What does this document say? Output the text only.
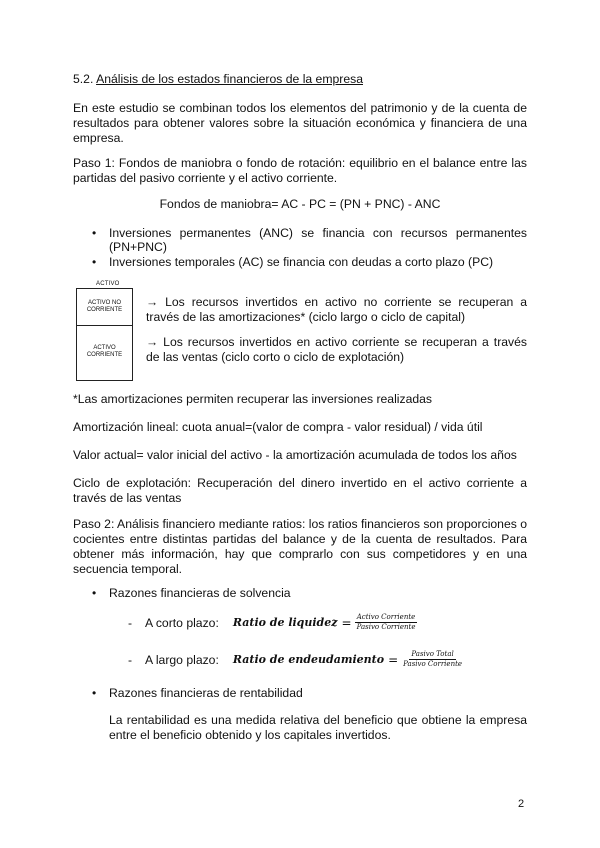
5.2. Análisis de los estados financieros de la empresa
En este estudio se combinan todos los elementos del patrimonio y de la cuenta de resultados para obtener valores sobre la situación económica y financiera de una empresa.
Paso 1: Fondos de maniobra o fondo de rotación: equilibrio en el balance entre las partidas del pasivo corriente y el activo corriente.
Fondos de maniobra= AC - PC = (PN + PNC) - ANC
• Inversiones permanentes (ANC) se financia con recursos permanentes (PN+PNC)
• Inversiones temporales (AC) se financia con deudas a corto plazo (PC)
ACTIVO
ACTIVO NO CORRIENTE
ACTIVO CORRIENTE
→ Los recursos invertidos en activo no corriente se recuperan a través de las amortizaciones* (ciclo largo o ciclo de capital)
→ Los recursos invertidos en activo corriente se recuperan a través de las ventas (ciclo corto o ciclo de explotación)
*Las amortizaciones permiten recuperar las inversiones realizadas
Amortización lineal: cuota anual=(valor de compra - valor residual) / vida útil
Valor actual= valor inicial del activo - la amortización acumulada de todos los años
Ciclo de explotación: Recuperación del dinero invertido en el activo corriente a través de las ventas
Paso 2: Análisis financiero mediante ratios: los ratios financieros son proporciones o cocientes entre distintas partidas del balance y de la cuenta de resultados. Para obtener más información, hay que comprarlo con sus competidores y en una secuencia temporal.
• Razones financieras de solvencia
-	A corto plazo: Ratio de liquidez = $\frac{\text{Activo Corriente}}{\text{Pasivo Corriente}}$
-	A largo plazo: Ratio de endeudamiento = $\frac{\text{Pasivo Total}}{\text{Pasivo Corriente}}$
• Razones financieras de rentabilidad
La rentabilidad es una medida relativa del beneficio que obtiene la empresa entre el beneficio obtenido y los capitales invertidos.
2
